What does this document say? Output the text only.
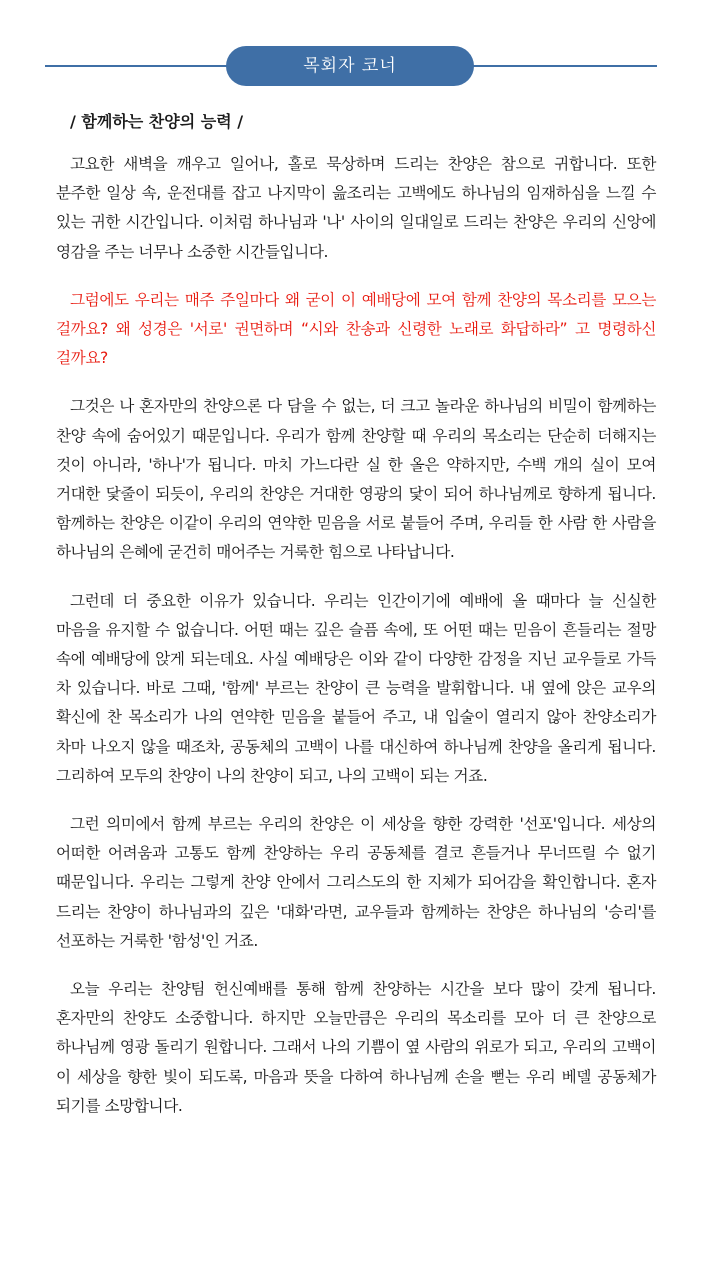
목회자 코너
/ 함께하는 찬양의 능력 /

고요한 새벽을 깨우고 일어나, 홀로 묵상하며 드리는 찬양은 참으로 귀합니다. 또한 분주한 일상 속, 운전대를 잡고 나지막이 읊조리는 고백에도 하나님의 임재하심을 느낄 수 있는 귀한 시간입니다. 이처럼 하나님과 '나' 사이의 일대일로 드리는 찬양은 우리의 신앙에 영감을 주는 너무나 소중한 시간들입니다.

그럼에도 우리는 매주 주일마다 왜 굳이 이 예배당에 모여 함께 찬양의 목소리를 모으는 걸까요? 왜 성경은 '서로' 권면하며 “시와 찬송과 신령한 노래로 화답하라” 고 명령하신 걸까요?

그것은 나 혼자만의 찬양으론 다 담을 수 없는, 더 크고 놀라운 하나님의 비밀이 함께하는 찬양 속에 숨어있기 때문입니다. 우리가 함께 찬양할 때 우리의 목소리는 단순히 더해지는 것이 아니라, '하나'가 됩니다. 마치 가느다란 실 한 올은 약하지만, 수백 개의 실이 모여 거대한 닻줄이 되듯이, 우리의 찬양은 거대한 영광의 닻이 되어 하나님께로 향하게 됩니다. 함께하는 찬양은 이같이 우리의 연약한 믿음을 서로 붙들어 주며, 우리들 한 사람 한 사람을 하나님의 은혜에 굳건히 매어주는 거룩한 힘으로 나타납니다.

그런데 더 중요한 이유가 있습니다. 우리는 인간이기에 예배에 올 때마다 늘 신실한 마음을 유지할 수 없습니다. 어떤 때는 깊은 슬픔 속에, 또 어떤 때는 믿음이 흔들리는 절망 속에 예배당에 앉게 되는데요. 사실 예배당은 이와 같이 다양한 감정을 지닌 교우들로 가득 차 있습니다. 바로 그때, '함께' 부르는 찬양이 큰 능력을 발휘합니다. 내 옆에 앉은 교우의 확신에 찬 목소리가 나의 연약한 믿음을 붙들어 주고, 내 입술이 열리지 않아 찬양소리가 차마 나오지 않을 때조차, 공동체의 고백이 나를 대신하여 하나님께 찬양을 올리게 됩니다. 그리하여 모두의 찬양이 나의 찬양이 되고, 나의 고백이 되는 거죠.

그런 의미에서 함께 부르는 우리의 찬양은 이 세상을 향한 강력한 '선포'입니다. 세상의 어떠한 어려움과 고통도 함께 찬양하는 우리 공동체를 결코 흔들거나 무너뜨릴 수 없기 때문입니다. 우리는 그렇게 찬양 안에서 그리스도의 한 지체가 되어감을 확인합니다. 혼자 드리는 찬양이 하나님과의 깊은 '대화'라면, 교우들과 함께하는 찬양은 하나님의 '승리'를 선포하는 거룩한 '함성'인 거죠.

오늘 우리는 찬양팀 헌신예배를 통해 함께 찬양하는 시간을 보다 많이 갖게 됩니다. 혼자만의 찬양도 소중합니다. 하지만 오늘만큼은 우리의 목소리를 모아 더 큰 찬양으로 하나님께 영광 돌리기 원합니다. 그래서 나의 기쁨이 옆 사람의 위로가 되고, 우리의 고백이 이 세상을 향한 빛이 되도록, 마음과 뜻을 다하여 하나님께 손을 뻗는 우리 베델 공동체가 되기를 소망합니다.
